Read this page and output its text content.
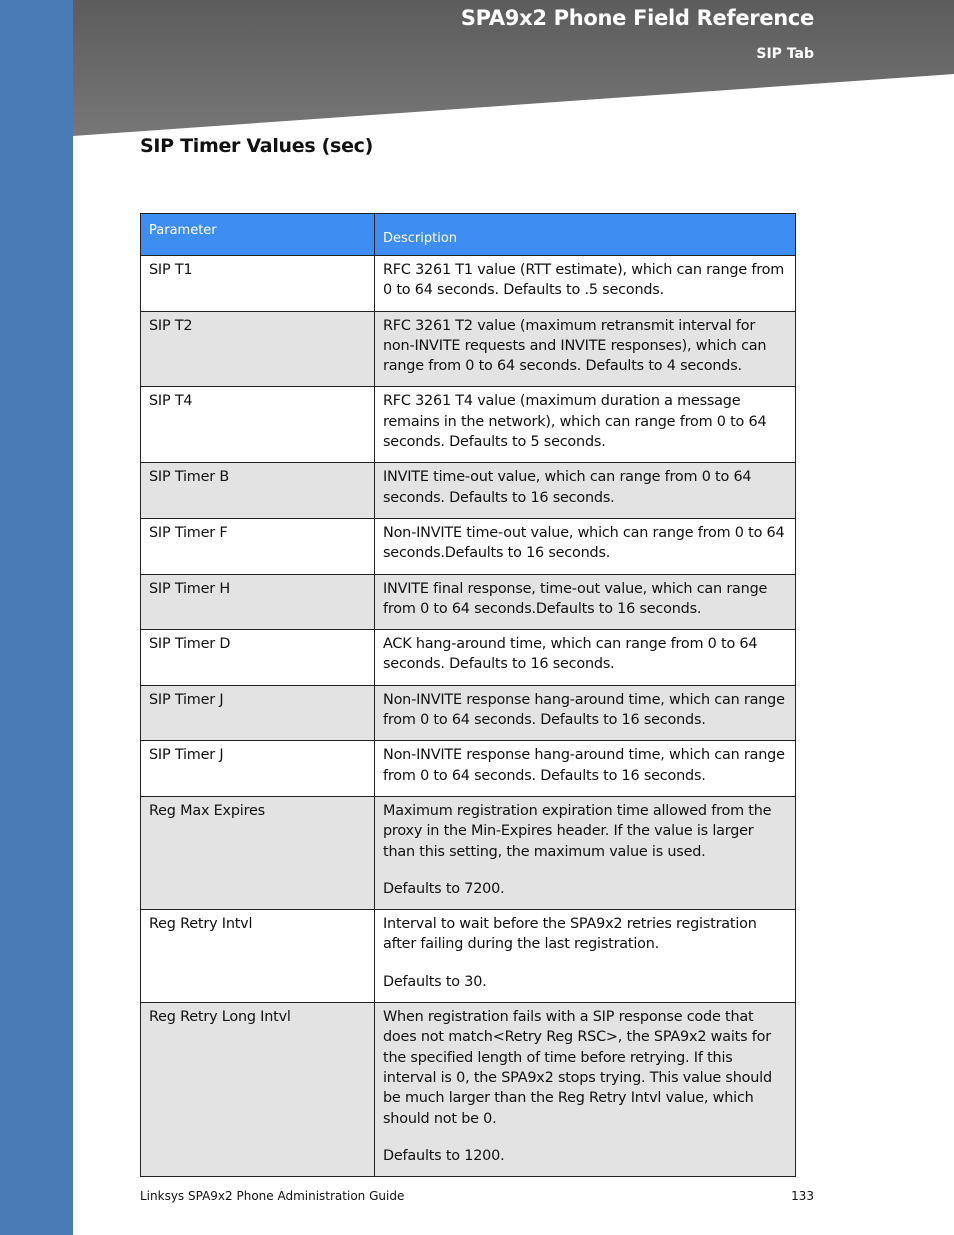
SPA9x2 Phone Field Reference
SIP Tab
SIP Timer Values (sec)
Parameter	Description
SIP T1	RFC 3261 T1 value (RTT estimate), which can range from 0 to 64 seconds. Defaults to .5 seconds.

SIP T2	RFC 3261 T2 value (maximum retransmit interval for non-INVITE requests and INVITE responses), which can range from 0 to 64 seconds. Defaults to 4 seconds.

SIP T4	RFC 3261 T4 value (maximum duration a message remains in the network), which can range from 0 to 64 seconds. Defaults to 5 seconds.

SIP Timer B	INVITE time-out value, which can range from 0 to 64 seconds. Defaults to 16 seconds.

SIP Timer F	Non-INVITE time-out value, which can range from 0 to 64 seconds.Defaults to 16 seconds.

SIP Timer H	INVITE final response, time-out value, which can range from 0 to 64 seconds.Defaults to 16 seconds.

SIP Timer D	ACK hang-around time, which can range from 0 to 64 seconds. Defaults to 16 seconds.

SIP Timer J	Non-INVITE response hang-around time, which can range from 0 to 64 seconds. Defaults to 16 seconds.

SIP Timer J	Non-INVITE response hang-around time, which can range from 0 to 64 seconds. Defaults to 16 seconds.

Reg Max Expires	Maximum registration expiration time allowed from the proxy in the Min-Expires header. If the value is larger than this setting, the maximum value is used.
Defaults to 7200.

Reg Retry Intvl	Interval to wait before the SPA9x2 retries registration after failing during the last registration.
Defaults to 30.

Reg Retry Long Intvl	When registration fails with a SIP response code that does not match<Retry Reg RSC>, the SPA9x2 waits for the specified length of time before retrying. If this interval is 0, the SPA9x2 stops trying. This value should be much larger than the Reg Retry Intvl value, which should not be 0.
Defaults to 1200.
Linksys SPA9x2 Phone Administration Guide	133
